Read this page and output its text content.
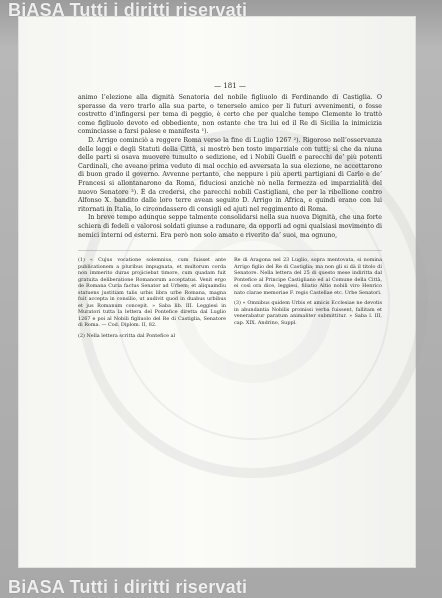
BiASA Tutti i diritti riservati
BiASA Tutti i diritti riservati
— 181 —

animo l’elezione alla dignità Senatoria del nobile figliuolo di Ferdinando di Castiglia. O sperasse da vero trarlo alla sua parte, o tenerselo amico per li futuri avvenimenti, o fosse costretto d’infingersi per tema di peggio, è certo che per qualche tempo Clemente lo trattò come figliuolo devoto ed obbediente, non ostante che tra lui ed il Re di Sicilia la inimicizia cominciasse a farsi palese e manifesta ¹).

D. Arrigo cominciò a reggere Roma verso la fine di Luglio 1267 ²). Rigoroso nell’osservanza delle leggi e degli Statuti della Città, si mostrò ben tosto imparziale con tutti; sì che da niuna delle parti si osava muovere tumulto o sedizione, ed i Nobili Guelfi e parecchi de’ più potenti Cardinali, che aveano prima veduto di mal occhio ed avversata la sua elezione, ne accettarono di buon grado il governo. Avvenne pertanto, che neppure i più aperti partigiani di Carlo e de’ Francesi si allontanarono da Roma, fiduciosi anzichè nò nella fermezza ed imparzialità del nuovo Senatore ³). È da credersi, che parecchi nobili Castigliani, che per la ribellione contro Alfonso X. bandito dalle loro terre avean seguito D. Arrigo in Africa, e quindi erano con lui ritornati in Italia, lo circondassero di consigli ed ajuti nel reggimento di Roma.

In breve tempo adunque seppe talmente consolidarsi nella sua nuova Dignità, che una forte schiera di fedeli e valorosi soldati giunse a radunare, da opporli ad ogni qualsiasi movimento di nemici interni od esterni. Era però non solo amato e riverito da’ suoi, ma ognuno,

(1) « Cujus vocatione solemnius, cum fuisset ante publicationem a pluribus impugnata, et multorum corda non immerito duras projiciebat timore, cum quadam fuit gratuita deliberatione Romanorum acceptatus. Venit ergo de Romana Curia factus Senator ad Urbem; et aliquamdiu statuens justitiam talis urbis libra urbe Romana, magna fuit accepta in consilio, ut audivit quod in duabus urbibus et jus Romanum concepit. » Saba lib. III. Leggiesi in Muratori tutta la lettera del Pontefice diretta dal Luglio 1267 e poi al Nobili figliuolo del Re di Castiglia, Senatore di Roma. — Cod. Diplom. II, 82.
(2) Nella lettera scritta dal Pontefice al
Re di Aragona nel 23 Luglio, sopra mentovata, si nomina Arrigo figlio del Re di Castiglia; ma non gli si dà il titolo di Senatore. Nella lettera del 25 di questo mese indiritta dal Pontefice al Principe Castigliano ed al Comune della Città, ei così ora dice, leggiesi, filiatio Altio nobili viro Henrico nato clarae memoriae F. regis Castellae etc. Urbe Senatori.
(3) « Omnibus quidem Urbis et amicis Ecclesiae ne devotis in abundantia Nobilis promissi verba fuissent, fallitam et venerabatur paratum animaliter submittitur. » Saba l. III, cap. XIX. Andrino, Suppl.
